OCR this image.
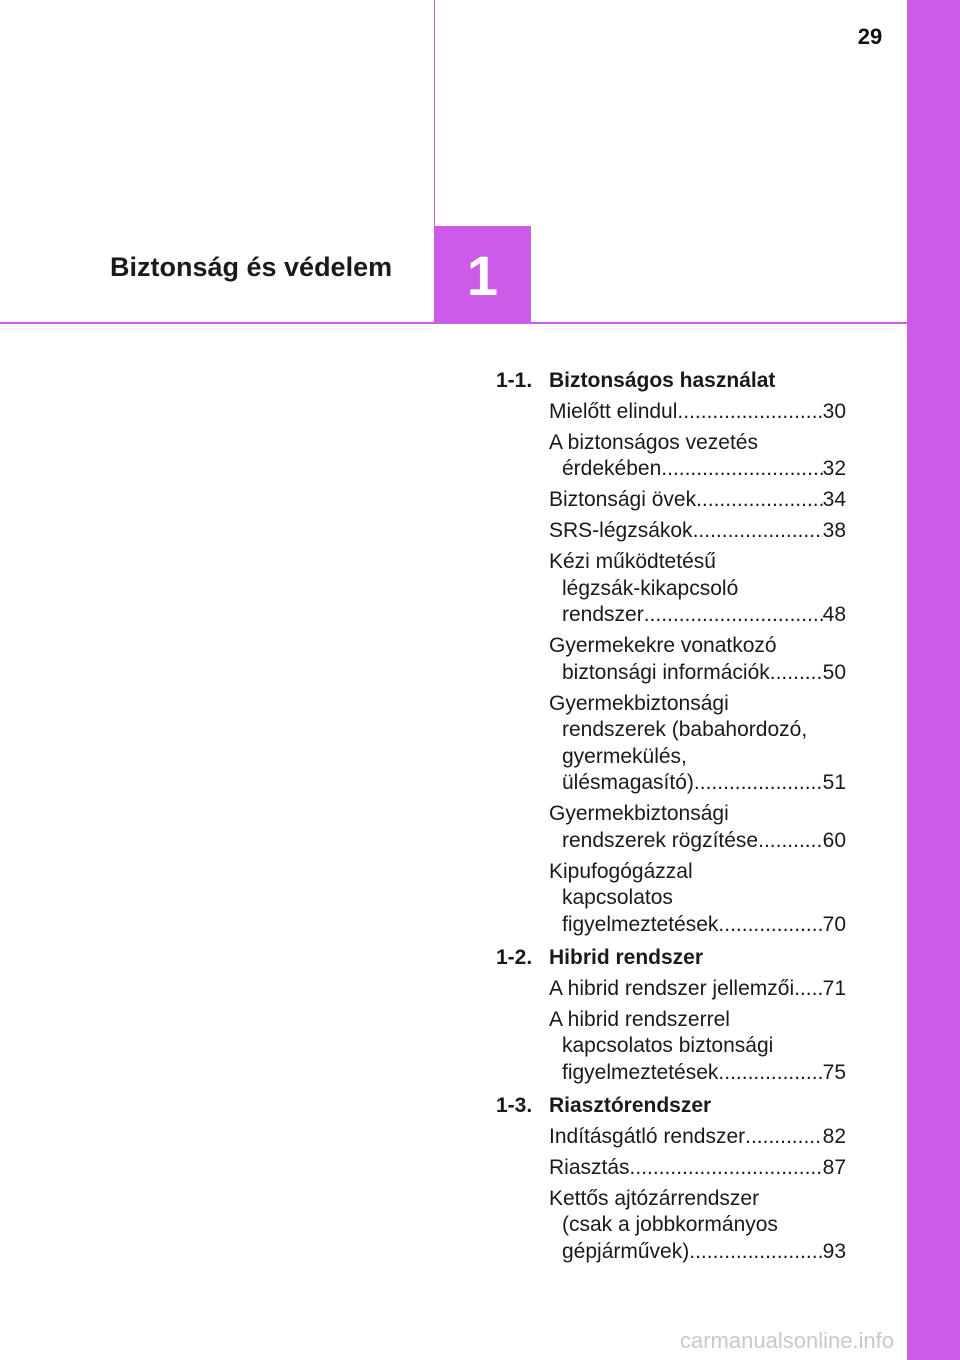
29
1
Biztonság és védelem
1-1. Biztonságos használat
Mielőtt elindul .....	30
A biztonságos vezetés
érdekében .....	32
Biztonsági övek .....	34
SRS-légzsákok .....	38
Kézi működtetésű
légzsák-kikapcsoló
rendszer .....	48
Gyermekekre vonatkozó
biztonsági információk .....	50
Gyermekbiztonsági
rendszerek (babahordozó,
gyermekülés,
ülésmagasító) .....	51
Gyermekbiztonsági
rendszerek rögzítése .....	60
Kipufogógázzal
kapcsolatos
figyelmeztetések .....	70
1-2. Hibrid rendszer
A hibrid rendszer jellemzői ..... 71
A hibrid rendszerrel
kapcsolatos biztonsági
figyelmeztetések .....	75
1-3. Riasztórendszer
Indításgátló rendszer .....	82
Riasztás .....	87
Kettős ajtózárrendszer
(csak a jobbkormányos
gépjárművek) .....	93
carmanualsonline.info
